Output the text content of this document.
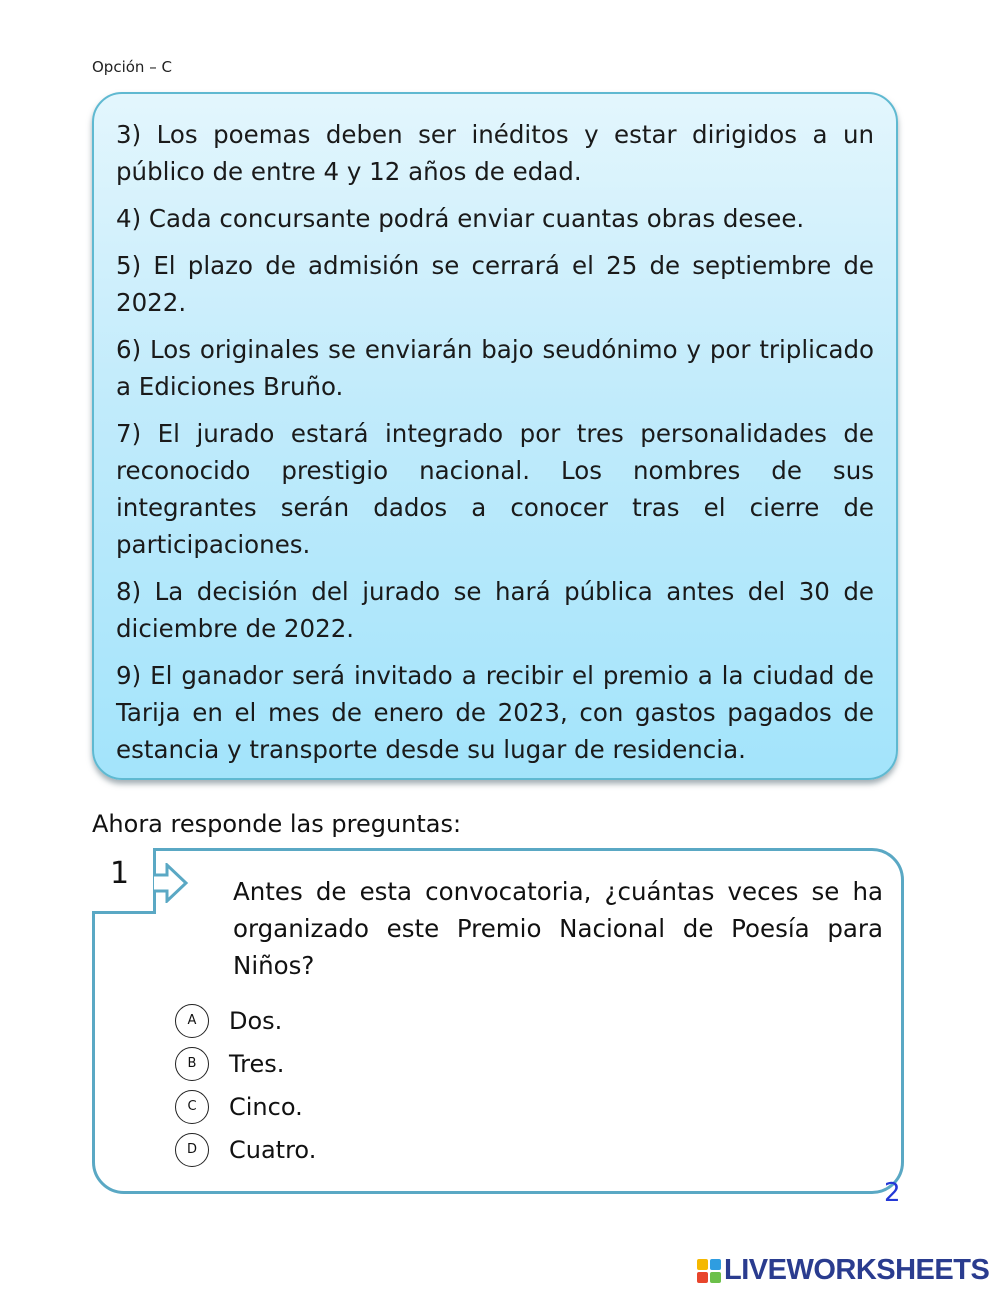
Opción – C

3) Los poemas deben ser inéditos y estar dirigidos a un público de entre 4 y 12 años de edad.

4) Cada concursante podrá enviar cuantas obras desee.

5) El plazo de admisión se cerrará el 25 de septiembre de 2022.

6) Los originales se enviarán bajo seudónimo y por triplicado a Ediciones Bruño.

7) El jurado estará integrado por tres personalidades de reconocido prestigio nacional. Los nombres de sus integrantes serán dados a conocer tras el cierre de participaciones.

8) La decisión del jurado se hará pública antes del 30 de diciembre de 2022.

9) El ganador será invitado a recibir el premio a la ciudad de Tarija en el mes de enero de 2023, con gastos pagados de estancia y transporte desde su lugar de residencia.

Ahora responde las preguntas:
1
Antes de esta convocatoria, ¿cuántas veces se ha organizado este Premio Nacional de Poesía para Niños?
A	Dos.
B	Tres.
C	Cinco.
D	Cuatro.
2
LIVEWORKSHEETS
